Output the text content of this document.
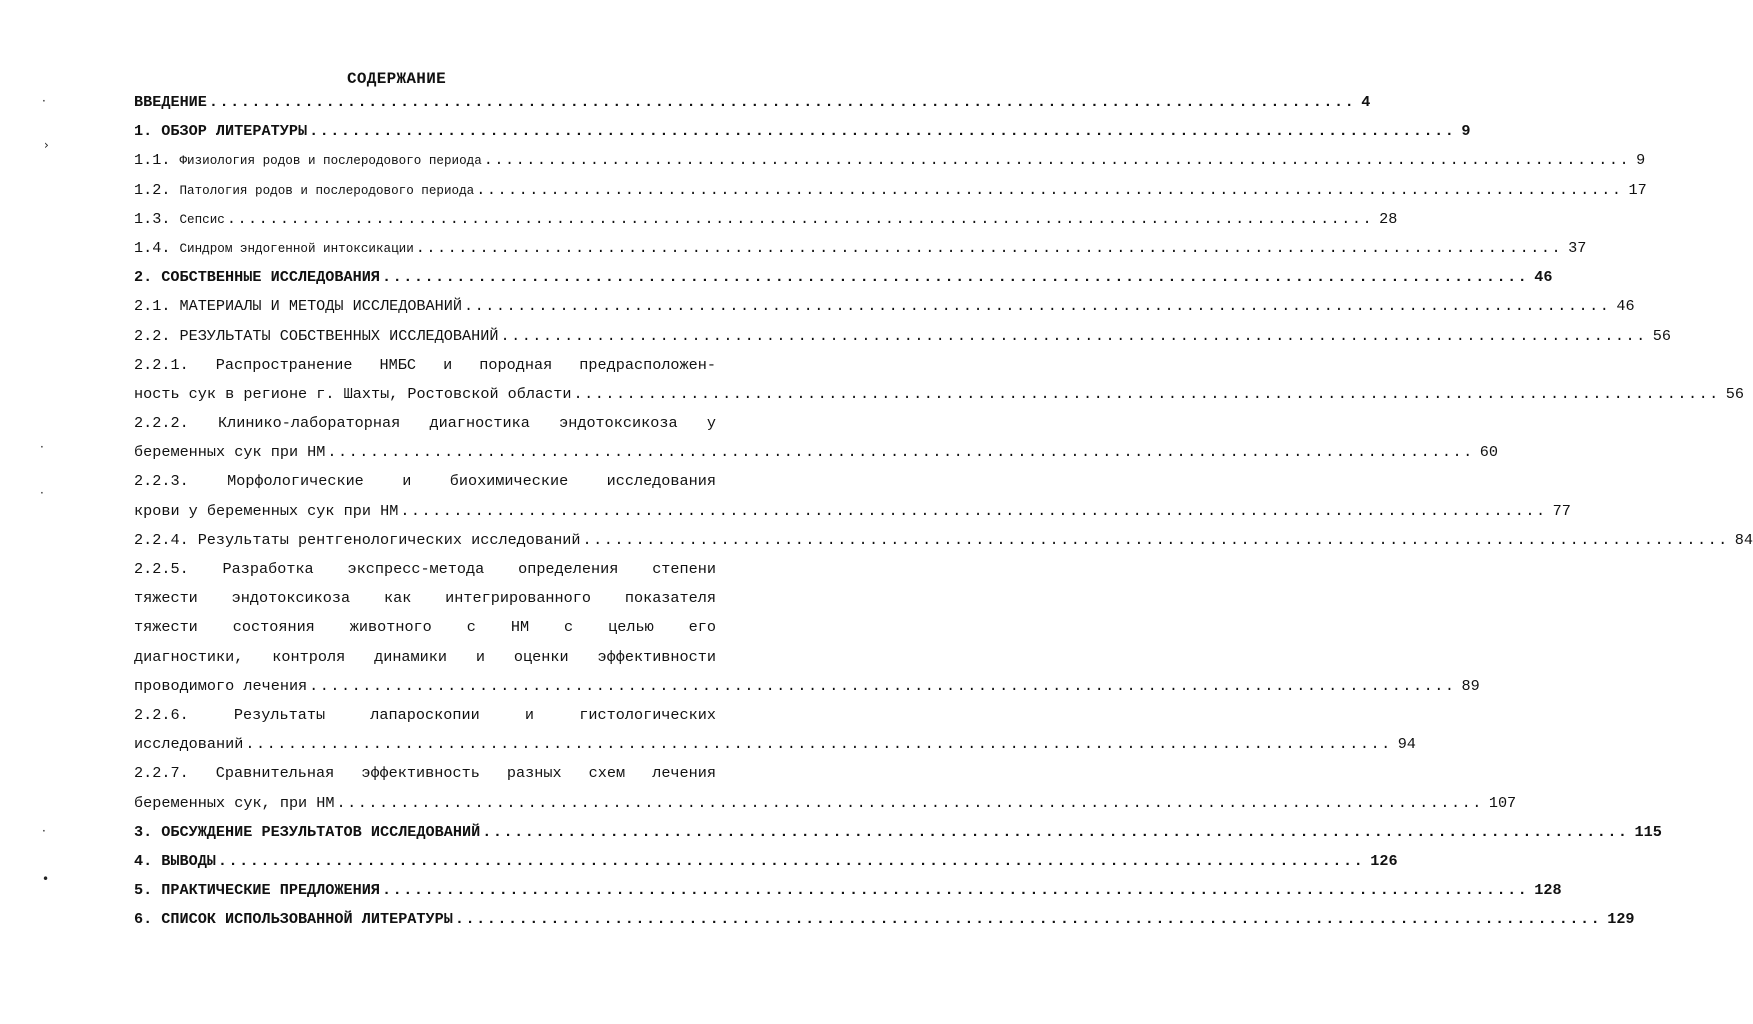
СОДЕРЖАНИЕ
ВВЕДЕНИЕ ............................................................................................................ 4
1. ОБЗОР ЛИТЕРАТУРЫ ............................................................................................................ 9
1.1. Физиология родов и послеродового периода ............................................................................................................ 9
1.2. Патология родов и послеродового периода ............................................................................................................ 17
1.3. Сепсис ............................................................................................................ 28
1.4. Синдром эндогенной интоксикации ............................................................................................................ 37
2. СОБСТВЕННЫЕ ИССЛЕДОВАНИЯ ............................................................................................................ 46
2.1. МАТЕРИАЛЫ И МЕТОДЫ ИССЛЕДОВАНИЙ ............................................................................................................ 46
2.2. РЕЗУЛЬТАТЫ СОБСТВЕННЫХ ИССЛЕДОВАНИЙ ............................................................................................................ 56
2.2.1. Распространение НМБС и породная предрасположен-
ность сук в регионе г. Шахты, Ростовской области ............................................................................................................ 56
2.2.2. Клинико-лабораторная диагностика эндотоксикоза у
беременных сук при НМ ............................................................................................................ 60
2.2.3. Морфологические и биохимические исследования
крови у беременных сук при НМ ............................................................................................................ 77
2.2.4. Результаты рентгенологических исследований ............................................................................................................ 84
2.2.5. Разработка экспресс-метода определения степени
тяжести эндотоксикоза как интегрированного показателя
тяжести состояния животного с НМ с целью его
диагностики, контроля динамики и оценки эффективности
проводимого лечения ............................................................................................................ 89
2.2.6. Результаты лапароскопии и гистологических
исследований ............................................................................................................ 94
2.2.7. Сравнительная эффективность разных схем лечения
беременных сук, при НМ ............................................................................................................ 107
3. ОБСУЖДЕНИЕ РЕЗУЛЬТАТОВ ИССЛЕДОВАНИЙ ............................................................................................................ 115
4. ВЫВОДЫ ............................................................................................................ 126
5. ПРАКТИЧЕСКИЕ ПРЕДЛОЖЕНИЯ ............................................................................................................ 128
6. СПИСОК ИСПОЛЬЗОВАННОЙ ЛИТЕРАТУРЫ ............................................................................................................ 129
·
›
·
·
·
•
